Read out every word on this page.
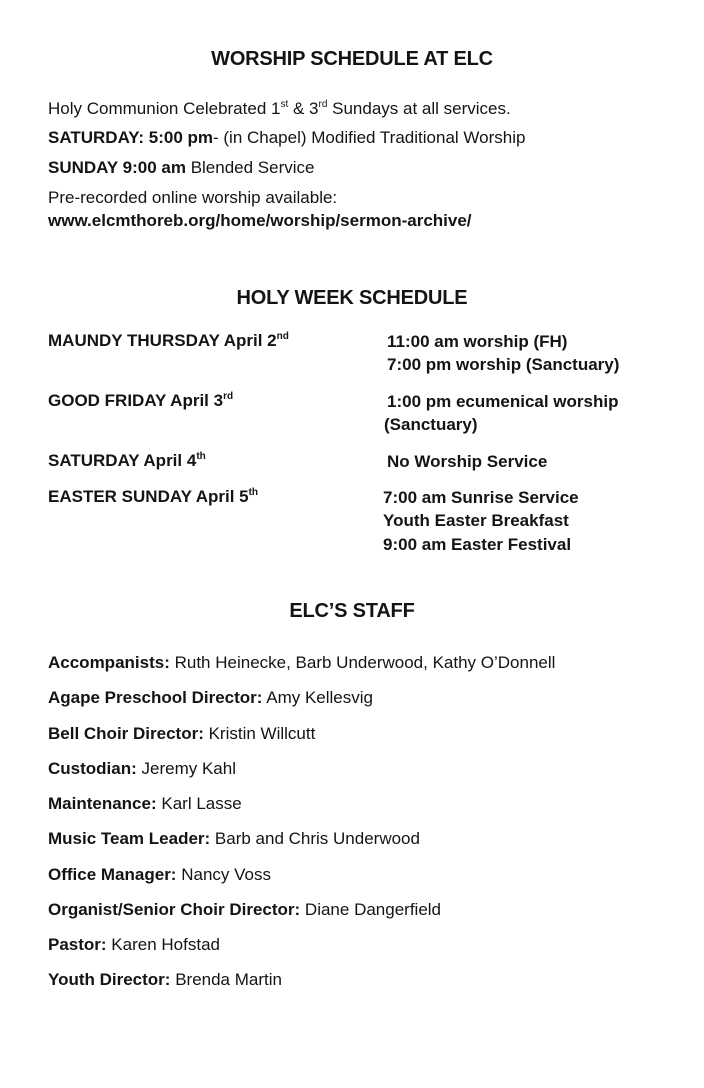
WORSHIP SCHEDULE AT ELC
Holy Communion Celebrated 1st & 3rd Sundays at all services.
SATURDAY: 5:00 pm- (in Chapel) Modified Traditional Worship
SUNDAY 9:00 am Blended Service
Pre-recorded online worship available:
www.elcmthoreb.org/home/worship/sermon-archive/
HOLY WEEK SCHEDULE
MAUNDY THURSDAY April 2nd	11:00 am worship (FH)
7:00 pm worship (Sanctuary)
GOOD FRIDAY April 3rd	1:00 pm ecumenical worship
(Sanctuary)
SATURDAY April 4th	No Worship Service
EASTER SUNDAY April 5th	7:00 am Sunrise Service
Youth Easter Breakfast
9:00 am Easter Festival
ELC’S STAFF
Accompanists: Ruth Heinecke, Barb Underwood, Kathy O’Donnell
Agape Preschool Director: Amy Kellesvig
Bell Choir Director: Kristin Willcutt
Custodian: Jeremy Kahl
Maintenance: Karl Lasse
Music Team Leader: Barb and Chris Underwood
Office Manager: Nancy Voss
Organist/Senior Choir Director: Diane Dangerfield
Pastor: Karen Hofstad
Youth Director: Brenda Martin
